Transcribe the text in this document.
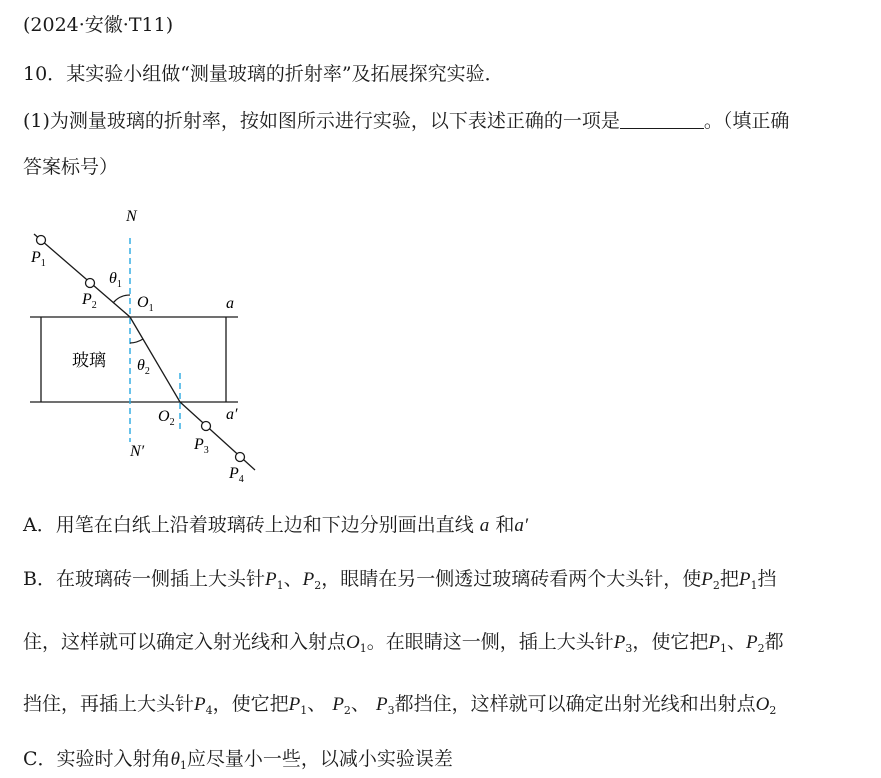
(2024·安徽·T11)
10．某实验小组做“测量玻璃的折射率”及拓展探究实验．
(1)为测量玻璃的折射率，按如图所示进行实验，以下表述正确的一项是	。（填正确
答案标号）
N
N′
$P_1$
$P_2$
$P_3$
$P_4$
$\theta_1$
$\theta_2$
$O_1$
$O_2$
a
a′
玻璃
A．用笔在白纸上沿着玻璃砖上边和下边分别画出直线 a 和a′
B．在玻璃砖一侧插上大头针$P_1$、$P_2$，眼睛在另一侧透过玻璃砖看两个大头针，使$P_2$把$P_1$挡
住，这样就可以确定入射光线和入射点$O_1$。在眼睛这一侧，插上大头针$P_3$，使它把$P_1$、$P_2$都
挡住，再插上大头针$P_4$，使它把$P_1$、 $P_2$、 $P_3$都挡住，这样就可以确定出射光线和出射点$O_2$
C．实验时入射角$\theta_1$应尽量小一些，以减小实验误差
